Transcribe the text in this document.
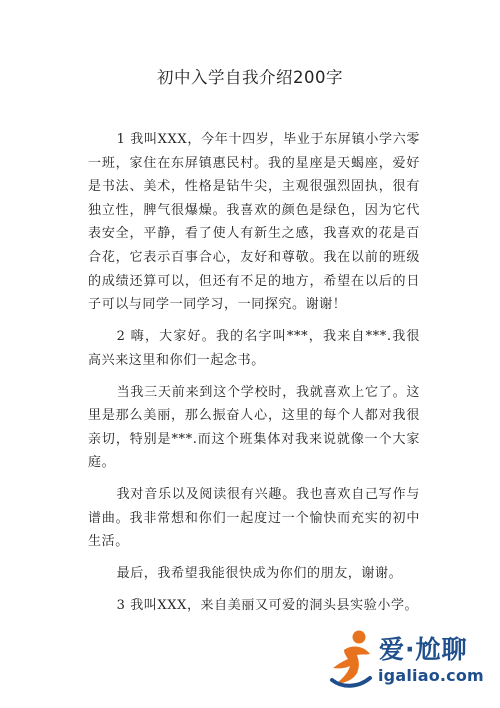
初中入学自我介绍200字

1 我叫XXX，今年十四岁，毕业于东屏镇小学六零一班，家住在东屏镇惠民村。我的星座是天蝎座，爱好是书法、美术，性格是钻牛尖，主观很强烈固执，很有独立性，脾气很爆燥。我喜欢的颜色是绿色，因为它代表安全，平静，看了使人有新生之感，我喜欢的花是百合花，它表示百事合心，友好和尊敬。我在以前的班级的成绩还算可以，但还有不足的地方，希望在以后的日子可以与同学一同学习，一同探究。谢谢！

2 嗨，大家好。我的名字叫***，我来自***.我很高兴来这里和你们一起念书。

当我三天前来到这个学校时，我就喜欢上它了。这里是那么美丽，那么振奋人心，这里的每个人都对我很亲切，特别是***.而这个班集体对我来说就像一个大家庭。

我对音乐以及阅读很有兴趣。我也喜欢自己写作与谱曲。我非常想和你们一起度过一个愉快而充实的初中生活。

最后，我希望我能很快成为你们的朋友，谢谢。

3 我叫XXX，来自美丽又可爱的洞头县实验小学。

爱·尬聊
igaliao.com
